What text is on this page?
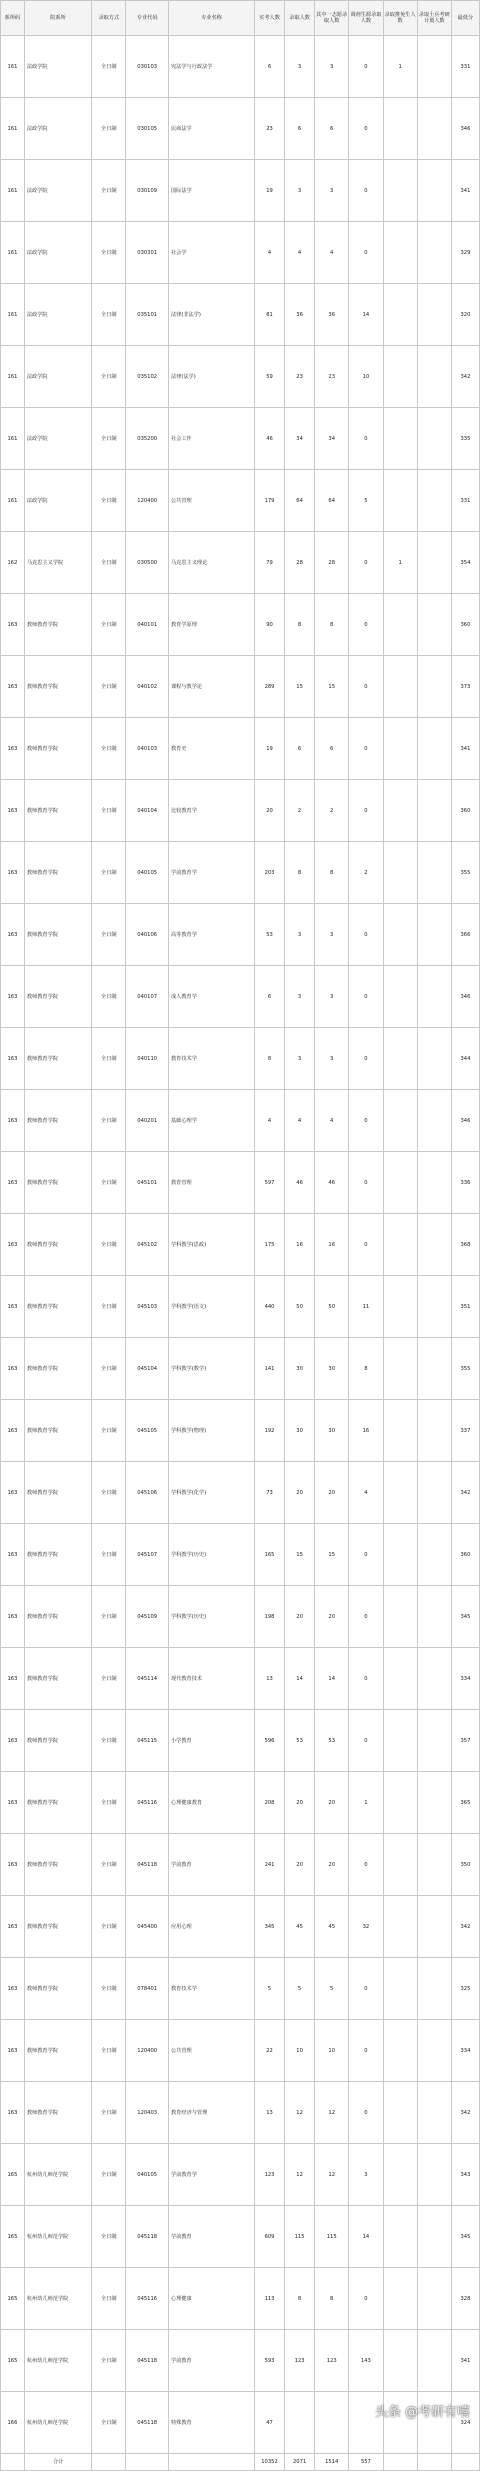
系所码	院系所	录取方式	专业代码	专业名称	实考人数	录取人数	其中一志愿录取人数	调剂生源录取人数	录取推免生人数	录取士兵考研计划人数	最低分
161	法政学院	全日制	030103	宪法学与行政法学	6	3	3	0	1		331
161	法政学院	全日制	030105	民商法学	23	6	6	0			346
161	法政学院	全日制	030109	国际法学	19	3	3	0			341
161	法政学院	全日制	030301	社会学	4	4	4	0			329
161	法政学院	全日制	035101	法律(非法学)	81	36	36	14			320
161	法政学院	全日制	035102	法律(法学)	59	23	23	10			342
161	法政学院	全日制	035200	社会工作	46	34	34	0			335
161	法政学院	全日制	120400	公共管理	179	64	64	5			331
162	马克思主义学院	全日制	030500	马克思主义理论	79	28	28	0	1		354
163	教师教育学院	全日制	040101	教育学原理	90	8	8	0			360
163	教师教育学院	全日制	040102	课程与教学论	289	15	15	0			373
163	教师教育学院	全日制	040103	教育史	19	6	6	0			341
163	教师教育学院	全日制	040104	比较教育学	20	2	2	0			360
163	教师教育学院	全日制	040105	学前教育学	203	8	8	2			355
163	教师教育学院	全日制	040106	高等教育学	53	3	3	0			366
163	教师教育学院	全日制	040107	成人教育学	6	3	3	0			346
163	教师教育学院	全日制	040110	教育技术学	8	3	3	0			344
163	教师教育学院	全日制	040201	基础心理学	4	4	4	0			346
163	教师教育学院	全日制	045101	教育管理	597	46	46	0			336
163	教师教育学院	全日制	045102	学科教学(思政)	175	16	16	0			368
163	教师教育学院	全日制	045103	学科教学(语文)	440	50	50	11			351
163	教师教育学院	全日制	045104	学科教学(数学)	141	30	30	8			355
163	教师教育学院	全日制	045105	学科教学(物理)	192	30	30	16			337
163	教师教育学院	全日制	045106	学科教学(化学)	73	20	20	4			342
163	教师教育学院	全日制	045107	学科教学(历史)	165	15	15	0			360
163	教师教育学院	全日制	045109	学科教学(历史)	198	20	20	0			345
163	教师教育学院	全日制	045114	现代教育技术	13	14	14	0			334
163	教师教育学院	全日制	045115	小学教育	596	53	53	0			357
163	教师教育学院	全日制	045116	心理健康教育	208	20	20	1			365
163	教师教育学院	全日制	045118	学前教育	241	20	20	0			350
163	教师教育学院	全日制	045400	应用心理	345	45	45	32			342
163	教师教育学院	全日制	078401	教育技术学	5	5	5	0			325
163	教师教育学院	全日制	120400	公共管理	22	10	10	0			334
163	教师教育学院	全日制	120403	教育经济与管理	13	12	12	0			342
165	杭州幼儿师范学院	全日制	040105	学前教育学	123	12	12	3			343
165	杭州幼儿师范学院	全日制	045118	学前教育	609	115	115	14			345
165	杭州幼儿师范学院	全日制	045116	心理健康	113	8	8	0			328
165	杭州幼儿师范学院	全日制	045118	学前教育	593	123	123	143			341
166	杭州幼儿师范学院	全日制	045118	特殊教育	47						324
	合计				10352	2071	1514	557			
头条 @考研有嘻
